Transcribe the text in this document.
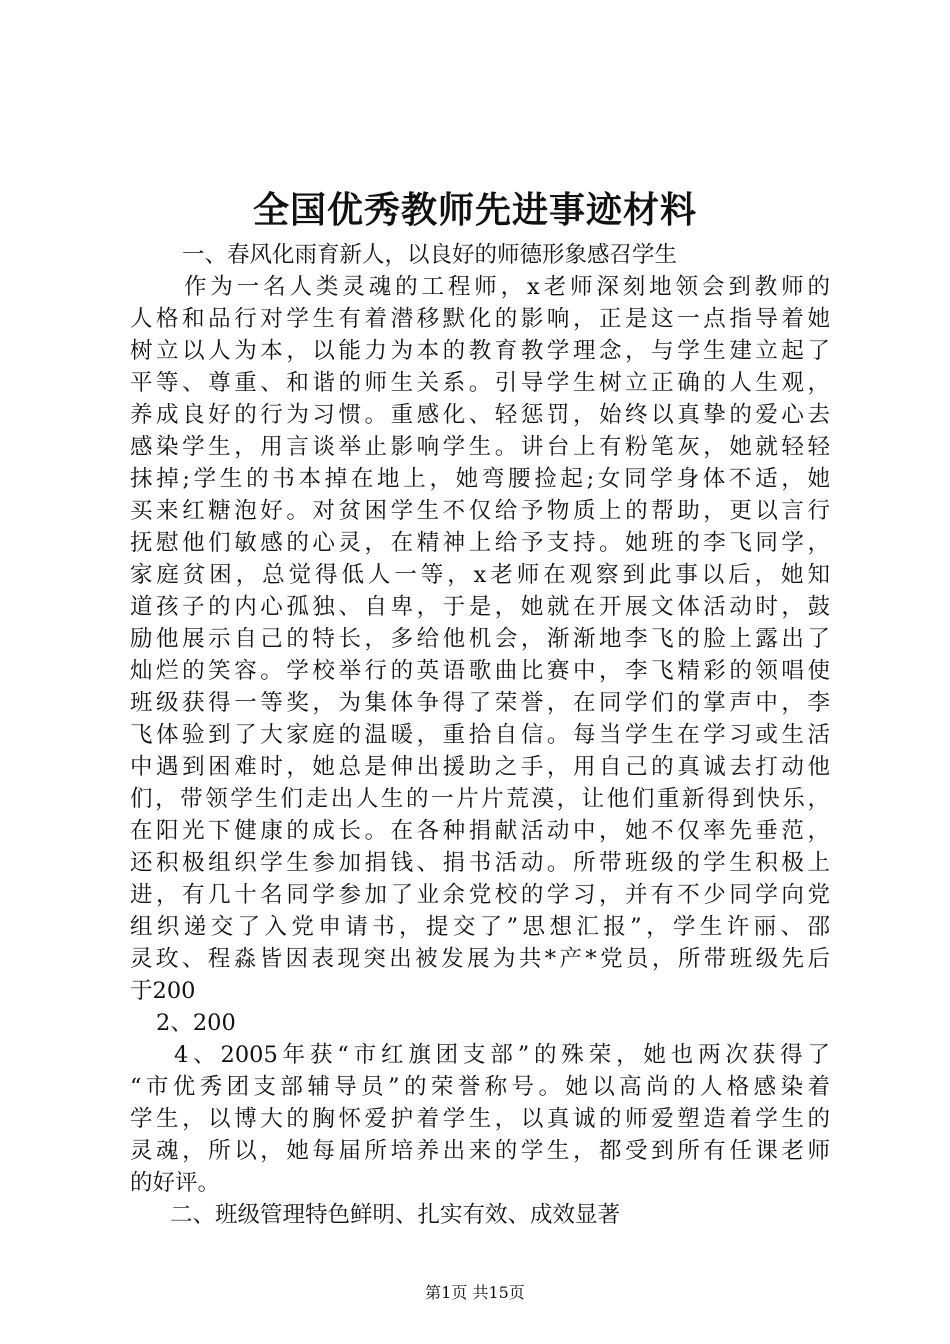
全国优秀教师先进事迹材料
一、春风化雨育新人，以良好的师德形象感召学生
作为一名人类灵魂的工程师，x老师深刻地领会到教师的
人格和品行对学生有着潜移默化的影响，正是这一点指导着她
树立以人为本，以能力为本的教育教学理念，与学生建立起了
平等、尊重、和谐的师生关系。引导学生树立正确的人生观，
养成良好的行为习惯。重感化、轻惩罚，始终以真挚的爱心去
感染学生，用言谈举止影响学生。讲台上有粉笔灰，她就轻轻
抹掉;学生的书本掉在地上，她弯腰捡起;女同学身体不适，她
买来红糖泡好。对贫困学生不仅给予物质上的帮助，更以言行
抚慰他们敏感的心灵，在精神上给予支持。她班的李飞同学，
家庭贫困，总觉得低人一等，x老师在观察到此事以后，她知
道孩子的内心孤独、自卑，于是，她就在开展文体活动时，鼓
励他展示自己的特长，多给他机会，渐渐地李飞的脸上露出了
灿烂的笑容。学校举行的英语歌曲比赛中，李飞精彩的领唱使
班级获得一等奖，为集体争得了荣誉，在同学们的掌声中，李
飞体验到了大家庭的温暖，重拾自信。每当学生在学习或生活
中遇到困难时，她总是伸出援助之手，用自己的真诚去打动他
们，带领学生们走出人生的一片片荒漠，让他们重新得到快乐，
在阳光下健康的成长。在各种捐献活动中，她不仅率先垂范，
还积极组织学生参加捐钱、捐书活动。所带班级的学生积极上
进，有几十名同学参加了业余党校的学习，并有不少同学向党
组织递交了入党申请书，提交了”思想汇报”，学生许丽、邵
灵玫、程淼皆因表现突出被发展为共*产*党员，所带班级先后
于200
2、200
4、2005年获“市红旗团支部”的殊荣，她也两次获得了
“市优秀团支部辅导员”的荣誉称号。她以高尚的人格感染着
学生，以博大的胸怀爱护着学生，以真诚的师爱塑造着学生的
灵魂，所以，她每届所培养出来的学生，都受到所有任课老师
的好评。
二、班级管理特色鲜明、扎实有效、成效显著
第1页 共15页
